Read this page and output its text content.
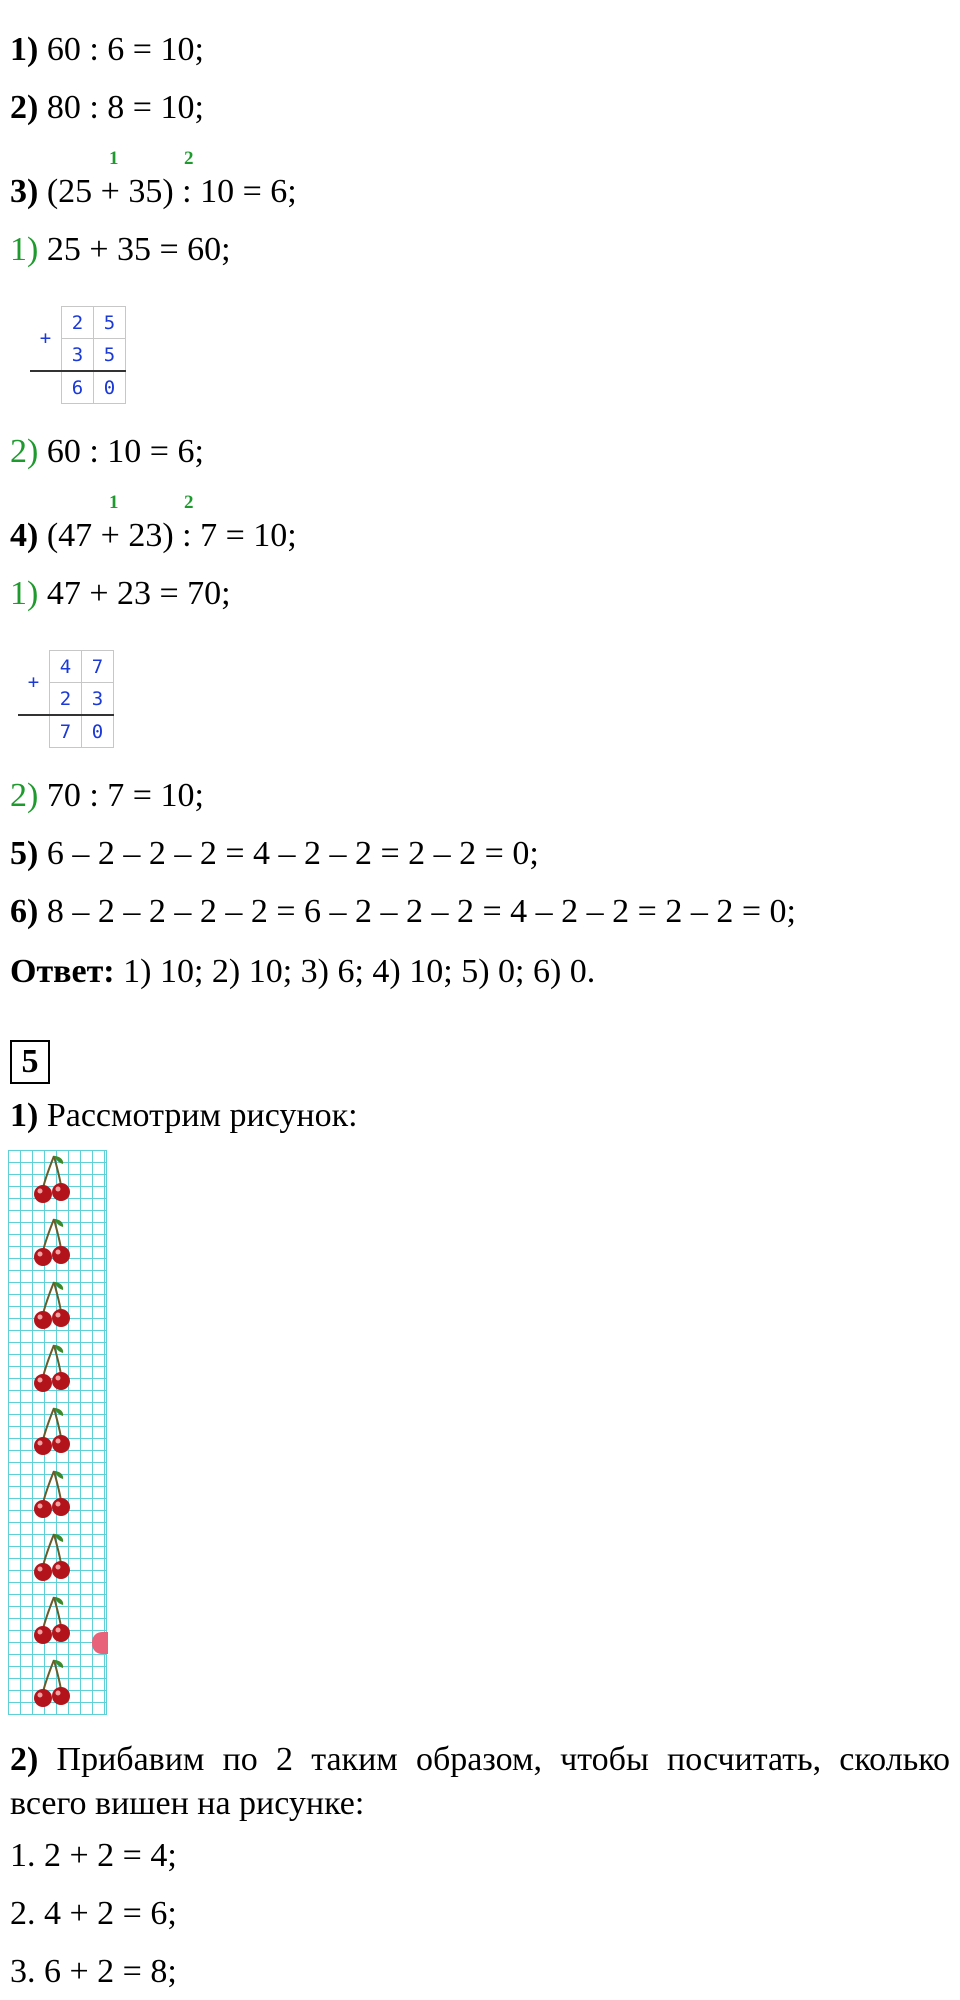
1) 60 : 6 = 10;
2) 80 : 8 = 10;
1	2
3) (25 + 35) : 10 = 6;
1) 25 + 35 = 60;
+	2	5
	3	5
	6	0
2) 60 : 10 = 6;
1	2
4) (47 + 23) : 7 = 10;
1) 47 + 23 = 70;
+	4	7
	2	3
	7	0
2) 70 : 7 = 10;
5) 6 – 2 – 2 – 2 = 4 – 2 – 2 = 2 – 2 = 0;
6) 8 – 2 – 2 – 2 – 2 = 6 – 2 – 2 – 2 = 4 – 2 – 2 = 2 – 2 = 0;
Ответ: 1) 10; 2) 10; 3) 6; 4) 10; 5) 0; 6) 0.
5
1) Рассмотрим рисунок:
2) Прибавим по 2 таким образом, чтобы посчитать, сколько всего вишен на рисунке:
1. 2 + 2 = 4;
2. 4 + 2 = 6;
3. 6 + 2 = 8;
